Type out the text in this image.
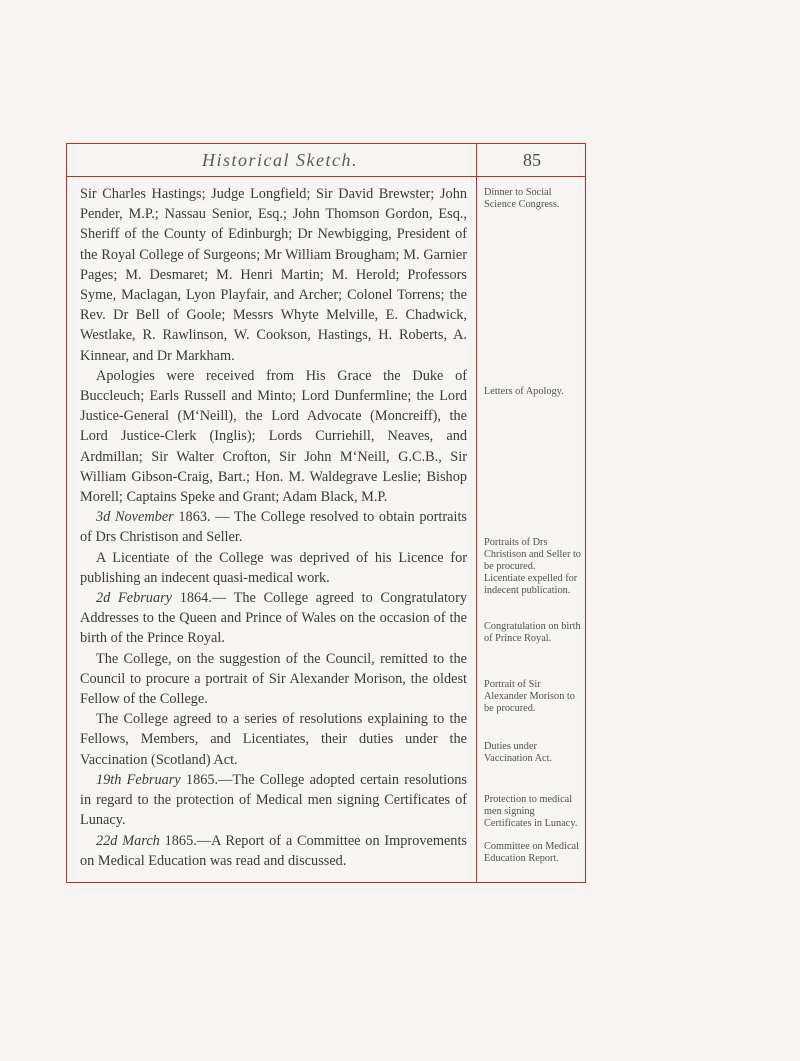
Historical Sketch.	85

Sir Charles Hastings; Judge Longfield; Sir David Brewster; John Pender, M.P.; Nassau Senior, Esq.; John Thomson Gordon, Esq., Sheriff of the County of Edinburgh; Dr Newbigging, President of the Royal College of Surgeons; Mr William Brougham; M. Garnier Pages; M. Desmaret; M. Henri Martin; M. Herold; Professors Syme, Maclagan, Lyon Playfair, and Archer; Colonel Torrens; the Rev. Dr Bell of Goole; Messrs Whyte Melville, E. Chadwick, Westlake, R. Rawlinson, W. Cookson, Hastings, H. Roberts, A. Kinnear, and Dr Markham.

Apologies were received from His Grace the Duke of Buccleuch; Earls Russell and Minto; Lord Dunfermline; the Lord Justice-General (M‘Neill), the Lord Advocate (Moncreiff), the Lord Justice-Clerk (Inglis); Lords Curriehill, Neaves, and Ardmillan; Sir Walter Crofton, Sir John M‘Neill, G.C.B., Sir William Gibson-Craig, Bart.; Hon. M. Waldegrave Leslie; Bishop Morell; Captains Speke and Grant; Adam Black, M.P.

3d November 1863. — The College resolved to obtain portraits of Drs Christison and Seller.

A Licentiate of the College was deprived of his Licence for publishing an indecent quasi-medical work.

2d February 1864.— The College agreed to Congratulatory Addresses to the Queen and Prince of Wales on the occasion of the birth of the Prince Royal.

The College, on the suggestion of the Council, remitted to the Council to procure a portrait of Sir Alexander Morison, the oldest Fellow of the College.

The College agreed to a series of resolutions explaining to the Fellows, Members, and Licentiates, their duties under the Vaccination (Scotland) Act.

19th February 1865.—The College adopted certain resolutions in regard to the protection of Medical men signing Certificates of Lunacy.

22d March 1865.—A Report of a Committee on Improvements on Medical Education was read and discussed.

Dinner to Social Science Congress.
Letters of Apology.
Portraits of Drs Christison and Seller to be procured.
Licentiate expelled for indecent publication.
Congratulation on birth of Prince Royal.
Portrait of Sir Alexander Morison to be procured.
Duties under Vaccination Act.
Protection to medical men signing Certificates in Lunacy.
Committee on Medical Education Report.
